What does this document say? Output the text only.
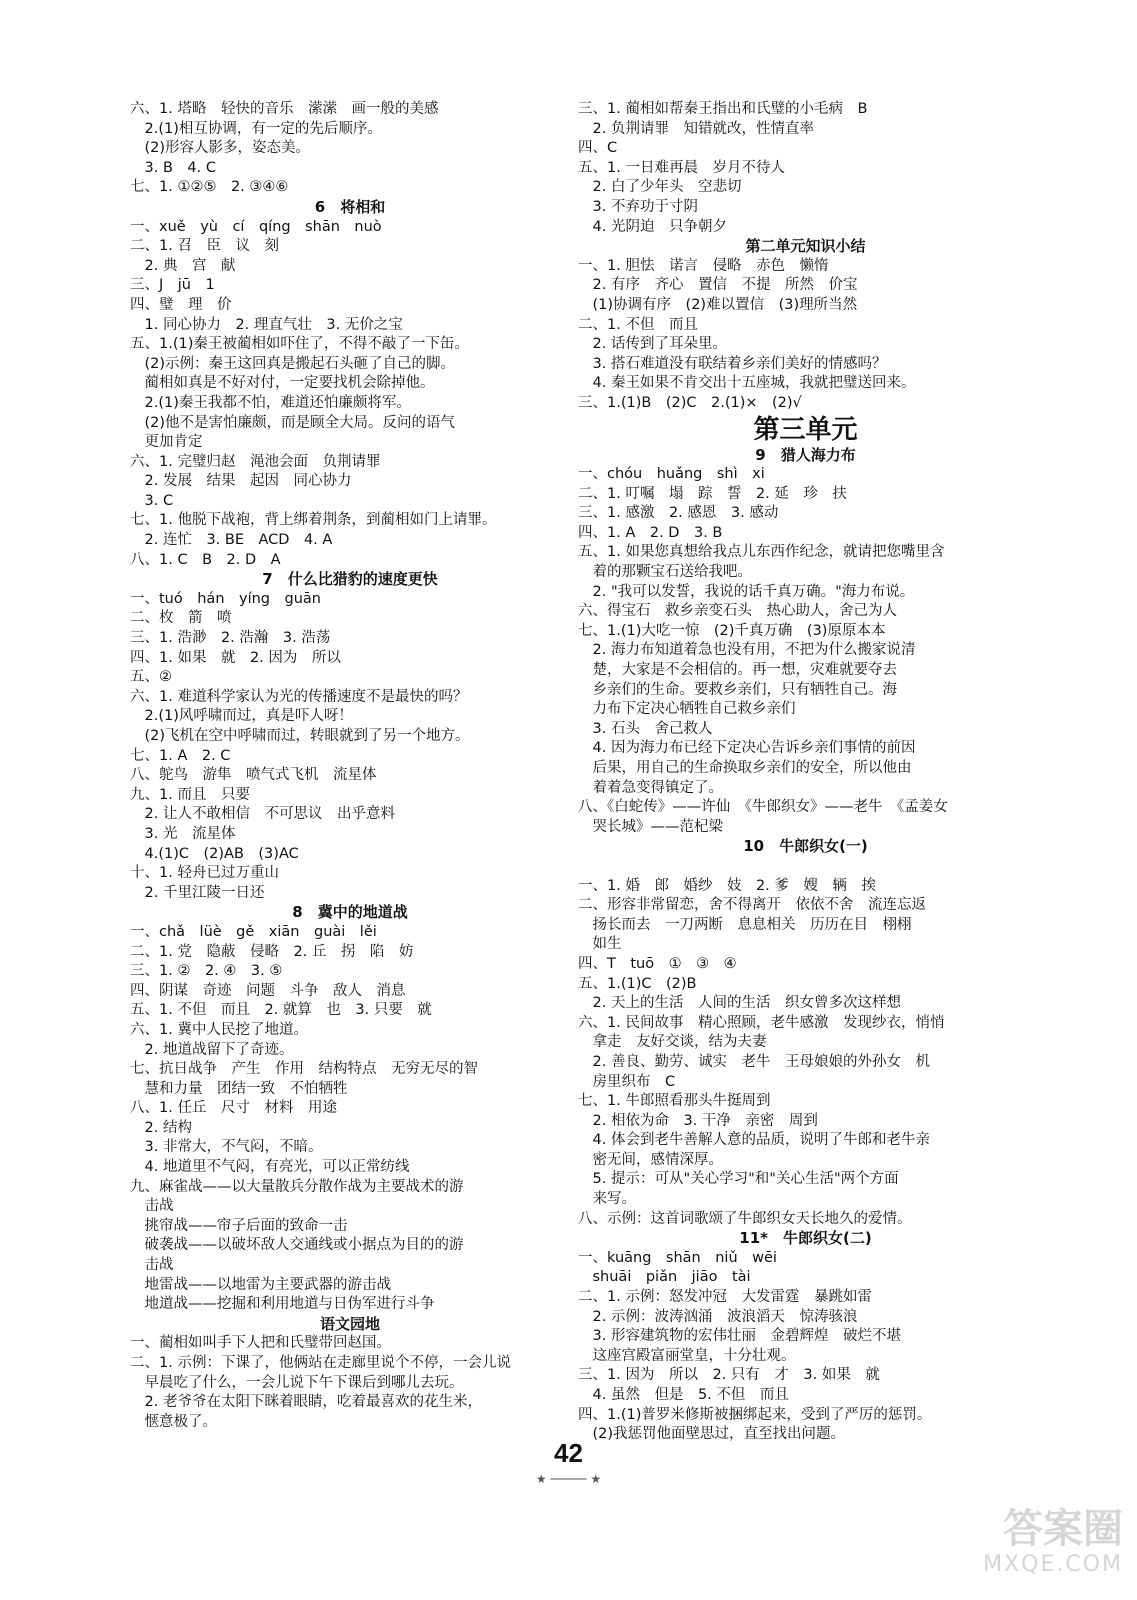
六、1. 塔略　轻快的音乐　潆潆　画一般的美感
　2.(1)相互协调，有一定的先后顺序。
　(2)形容人影多，姿态美。
　3. B　4. C
七、1. ①②⑤　2. ③④⑥
6　将相和
一、xuě　yù　cí　qíng　shān　nuò
二、1. 召　臣　议　刻
　2. 典　宫　献
三、J　jū　1
四、璧　理　价
　1. 同心协力　2. 理直气壮　3. 无价之宝
五、1.(1)秦王被蔺相如吓住了，不得不敲了一下缶。
　(2)示例：秦王这回真是搬起石头砸了自己的脚。
　蔺相如真是不好对付，一定要找机会除掉他。
　2.(1)秦王我都不怕，难道还怕廉颇将军。
　(2)他不是害怕廉颇，而是顾全大局。反问的语气
　更加肯定
六、1. 完璧归赵　渑池会面　负荆请罪
　2. 发展　结果　起因　同心协力
　3. C
七、1. 他脱下战袍，背上绑着荆条，到蔺相如门上请罪。
　2. 连忙　3. BE　ACD　4. A
八、1. C　B　2. D　A
7　什么比猎豹的速度更快
一、tuó　hán　yíng　guān
二、枚　箭　喷
三、1. 浩渺　2. 浩瀚　3. 浩荡
四、1. 如果　就　2. 因为　所以
五、②
六、1. 难道科学家认为光的传播速度不是最快的吗？
　2.(1)风呼啸而过，真是吓人呀！
　(2)飞机在空中呼啸而过，转眼就到了另一个地方。
七、1. A　2. C
八、鸵鸟　游隼　喷气式飞机　流星体
九、1. 而且　只要
　2. 让人不敢相信　不可思议　出乎意料
　3. 光　流星体
　4.(1)C　(2)AB　(3)AC
十、1. 轻舟已过万重山
　2. 千里江陵一日还
8　冀中的地道战
一、chǎ　lüè　gě　xiān　guài　lěi
二、1. 党　隐蔽　侵略　2. 丘　拐　陷　妨
三、1. ②　2. ④　3. ⑤
四、阴谋　奇迹　问题　斗争　敌人　消息
五、1. 不但　而且　2. 就算　也　3. 只要　就
六、1. 冀中人民挖了地道。
　2. 地道战留下了奇迹。
七、抗日战争　产生　作用　结构特点　无穷无尽的智
　慧和力量　团结一致　不怕牺牲
八、1. 任丘　尺寸　材料　用途
　2. 结构
　3. 非常大，不气闷，不暗。
　4. 地道里不气闷，有亮光，可以正常纺线
九、麻雀战——以大量散兵分散作战为主要战术的游
　击战
　挑帘战——帘子后面的致命一击
　破袭战——以破坏敌人交通线或小据点为目的的游
　击战
　地雷战——以地雷为主要武器的游击战
　地道战——挖掘和利用地道与日伪军进行斗争
语文园地
一、蔺相如叫手下人把和氏璧带回赵国。
二、1. 示例：下课了，他俩站在走廊里说个不停，一会儿说
　早晨吃了什么，一会儿说下午下课后到哪儿去玩。
　2. 老爷爷在太阳下眯着眼睛，吃着最喜欢的花生米，
　惬意极了。
三、1. 蔺相如帮秦王指出和氏璧的小毛病　B
　2. 负荆请罪　知错就改，性情直率
四、C
五、1. 一日难再晨　岁月不待人
　2. 白了少年头　空悲切
　3. 不弃功于寸阴
　4. 光阴迫　只争朝夕
第二单元知识小结
一、1. 胆怯　诺言　侵略　赤色　懒惰
　2. 有序　齐心　置信　不提　所然　价宝
　(1)协调有序　(2)难以置信　(3)理所当然
二、1. 不但　而且
　2. 话传到了耳朵里。
　3. 搭石难道没有联结着乡亲们美好的情感吗？
　4. 秦王如果不肯交出十五座城，我就把璧送回来。
三、1.(1)B　(2)C　2.(1)×　(2)√
第三单元
9　猎人海力布
一、chóu　huǎng　shì　xi
二、1. 叮嘱　塌　踪　誓　2. 延　珍　扶
三、1. 感激　2. 感恩　3. 感动
四、1. A　2. D　3. B
五、1. 如果您真想给我点儿东西作纪念，就请把您嘴里含
　着的那颗宝石送给我吧。
　2. "我可以发誓，我说的话千真万确。"海力布说。
六、得宝石　救乡亲变石头　热心助人，舍己为人
七、1.(1)大吃一惊　(2)千真万确　(3)原原本本
　2. 海力布知道着急也没有用，不把为什么搬家说清
　楚，大家是不会相信的。再一想，灾难就要夺去
　乡亲们的生命。要救乡亲们，只有牺牲自己。海
　力布下定决心牺牲自己救乡亲们
　3. 石头　舍己救人
　4. 因为海力布已经下定决心告诉乡亲们事情的前因
　后果，用自己的生命换取乡亲们的安全，所以他由
　着着急变得镇定了。
八、《白蛇传》——许仙　《牛郎织女》——老牛　《孟姜女
　哭长城》——范杞梁
10　牛郎织女(一)
一、1. 婚　郎　婚纱　妓　2. 爹　嫂　辆　挨
二、形容非常留恋，舍不得离开　依依不舍　流连忘返
　扬长而去　一刀两断　息息相关　历历在目　栩栩
　如生
四、T　tuō　①　③　④
五、1.(1)C　(2)B
　2. 天上的生活　人间的生活　织女曾多次这样想
六、1. 民间故事　精心照顾，老牛感激　发现纱衣，悄悄
　拿走　友好交谈，结为夫妻
　2. 善良、勤劳、诚实　老牛　王母娘娘的外孙女　机
　房里织布　C
七、1. 牛郎照看那头牛挺周到
　2. 相依为命　3. 干净　亲密　周到
　4. 体会到老牛善解人意的品质，说明了牛郎和老牛亲
　密无间，感情深厚。
　5. 提示：可从"关心学习"和"关心生活"两个方面
　来写。
八、示例：这首词歌颂了牛郎织女天长地久的爱情。
11*　牛郎织女(二)
一、kuāng　shān　niǔ　wēi
　shuāi　piǎn　jiāo　tài
二、1. 示例：怒发冲冠　大发雷霆　暴跳如雷
　2. 示例：波涛汹涌　波浪滔天　惊涛骇浪
　3. 形容建筑物的宏伟壮丽　金碧辉煌　破烂不堪
　这座宫殿富丽堂皇，十分壮观。
三、1. 因为　所以　2. 只有　才　3. 如果　就
　4. 虽然　但是　5. 不但　而且
四、1.(1)普罗米修斯被捆绑起来，受到了严厉的惩罚。
　(2)我惩罚他面壁思过，直至找出问题。
42
★ ───── ★
答案圈
MXQE.COM
